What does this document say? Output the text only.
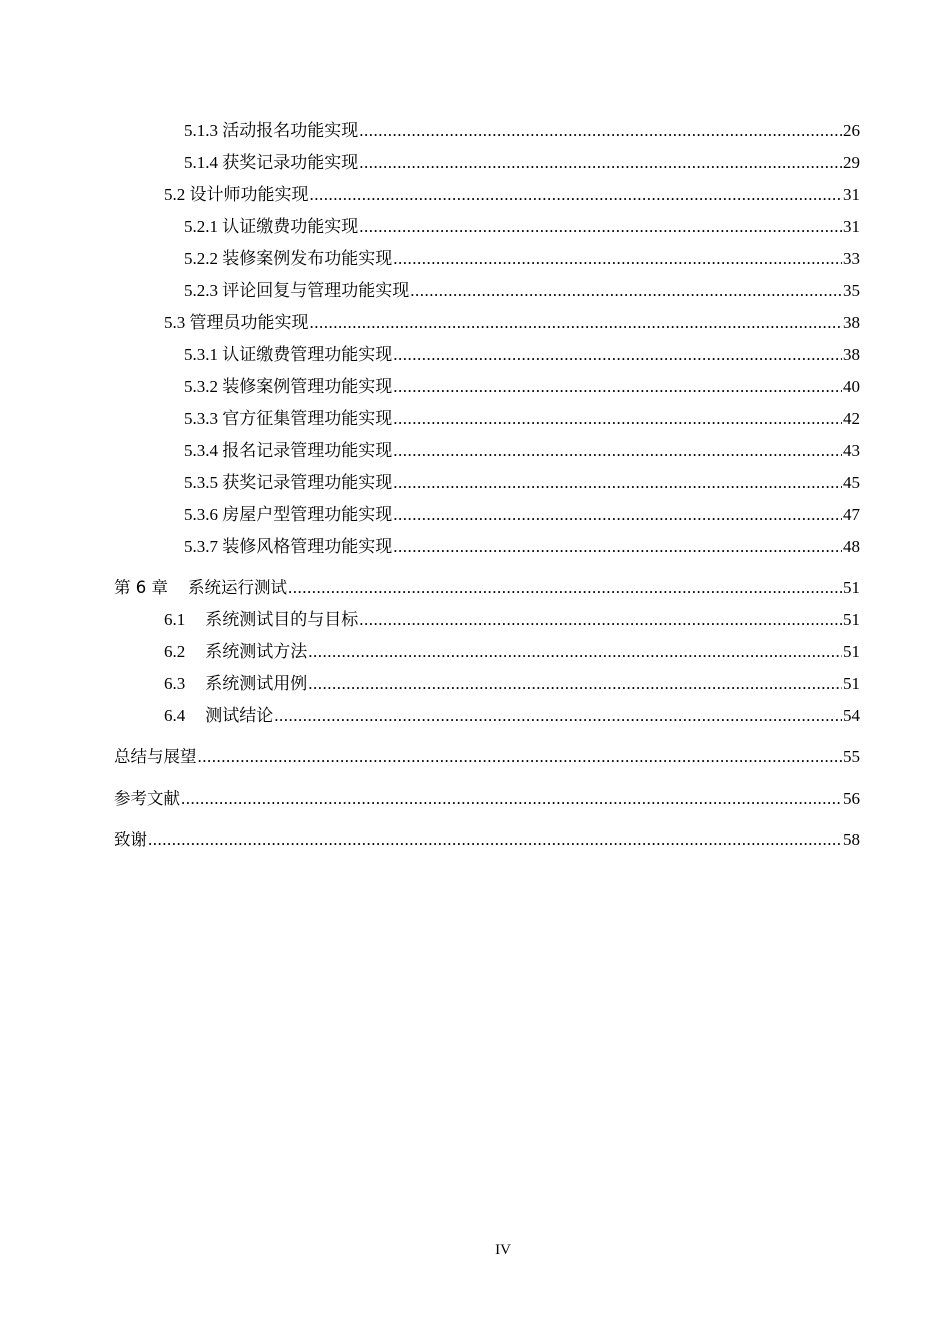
5.1.3 活动报名功能实现 .....	26
5.1.4 获奖记录功能实现 .....	29
5.2 设计师功能实现 .....	31
5.2.1 认证缴费功能实现 .....	31
5.2.2 装修案例发布功能实现 .....	33
5.2.3 评论回复与管理功能实现 .....	35
5.3 管理员功能实现 .....	38
5.3.1 认证缴费管理功能实现 .....	38
5.3.2 装修案例管理功能实现 .....	40
5.3.3 官方征集管理功能实现 .....	42
5.3.4 报名记录管理功能实现 .....	43
5.3.5 获奖记录管理功能实现 .....	45
5.3.6 房屋户型管理功能实现 .....	47
5.3.7 装修风格管理功能实现 .....	48
第 6 章 系统运行测试 .....	51
6.1 系统测试目的与目标 .....	51
6.2 系统测试方法 .....	51
6.3 系统测试用例 .....	51
6.4 测试结论 .....	54
总结与展望 .....	55
参考文献 .....	56
致谢 .....	58
IV
